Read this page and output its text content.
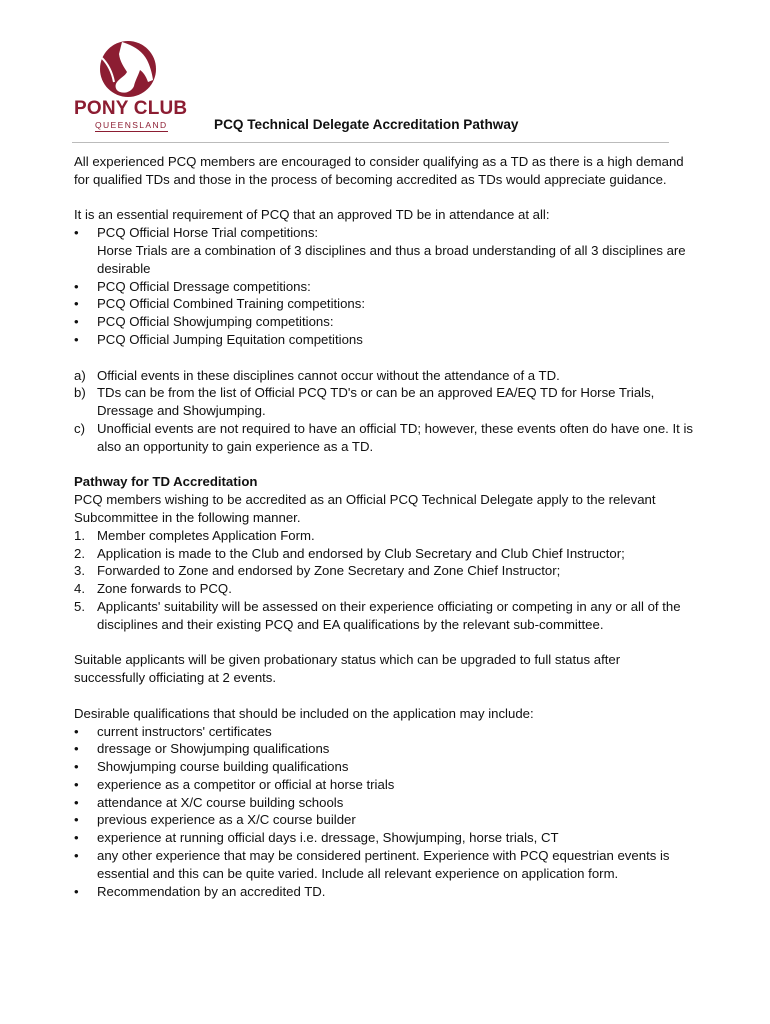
PONY CLUB
QUEENSLAND	PCQ Technical Delegate Accreditation Pathway

All experienced PCQ members are encouraged to consider qualifying as a TD as there is a high demand for qualified TDs and those in the process of becoming accredited as TDs would appreciate guidance.

It is an essential requirement of PCQ that an approved TD be in attendance at all:

•	PCQ Official Horse Trial competitions:
Horse Trials are a combination of 3 disciplines and thus a broad understanding of all 3 disciplines are desirable
•	PCQ Official Dressage competitions:
•	PCQ Official Combined Training competitions:
•	PCQ Official Showjumping competitions:
•	PCQ Official Jumping Equitation competitions
a) Official events in these disciplines cannot occur without the attendance of a TD.
b) TDs can be from the list of Official PCQ TD's or can be an approved EA/EQ TD for Horse Trials, Dressage and Showjumping.
c) Unofficial events are not required to have an official TD; however, these events often do have one. It is also an opportunity to gain experience as a TD.

Pathway for TD Accreditation

PCQ members wishing to be accredited as an Official PCQ Technical Delegate apply to the relevant Subcommittee in the following manner.

1. Member completes Application Form.
2. Application is made to the Club and endorsed by Club Secretary and Club Chief Instructor;
3. Forwarded to Zone and endorsed by Zone Secretary and Zone Chief Instructor;
4. Zone forwards to PCQ.
5. Applicants' suitability will be assessed on their experience officiating or competing in any or all of the disciplines and their existing PCQ and EA qualifications by the relevant sub-committee.

Suitable applicants will be given probationary status which can be upgraded to full status after successfully officiating at 2 events.

Desirable qualifications that should be included on the application may include:

•	current instructors' certificates
•	dressage or Showjumping qualifications
•	Showjumping course building qualifications
•	experience as a competitor or official at horse trials
•	attendance at X/C course building schools
•	previous experience as a X/C course builder
•	experience at running official days i.e. dressage, Showjumping, horse trials, CT
•	any other experience that may be considered pertinent. Experience with PCQ equestrian events is essential and this can be quite varied. Include all relevant experience on application form.
•	Recommendation by an accredited TD.
